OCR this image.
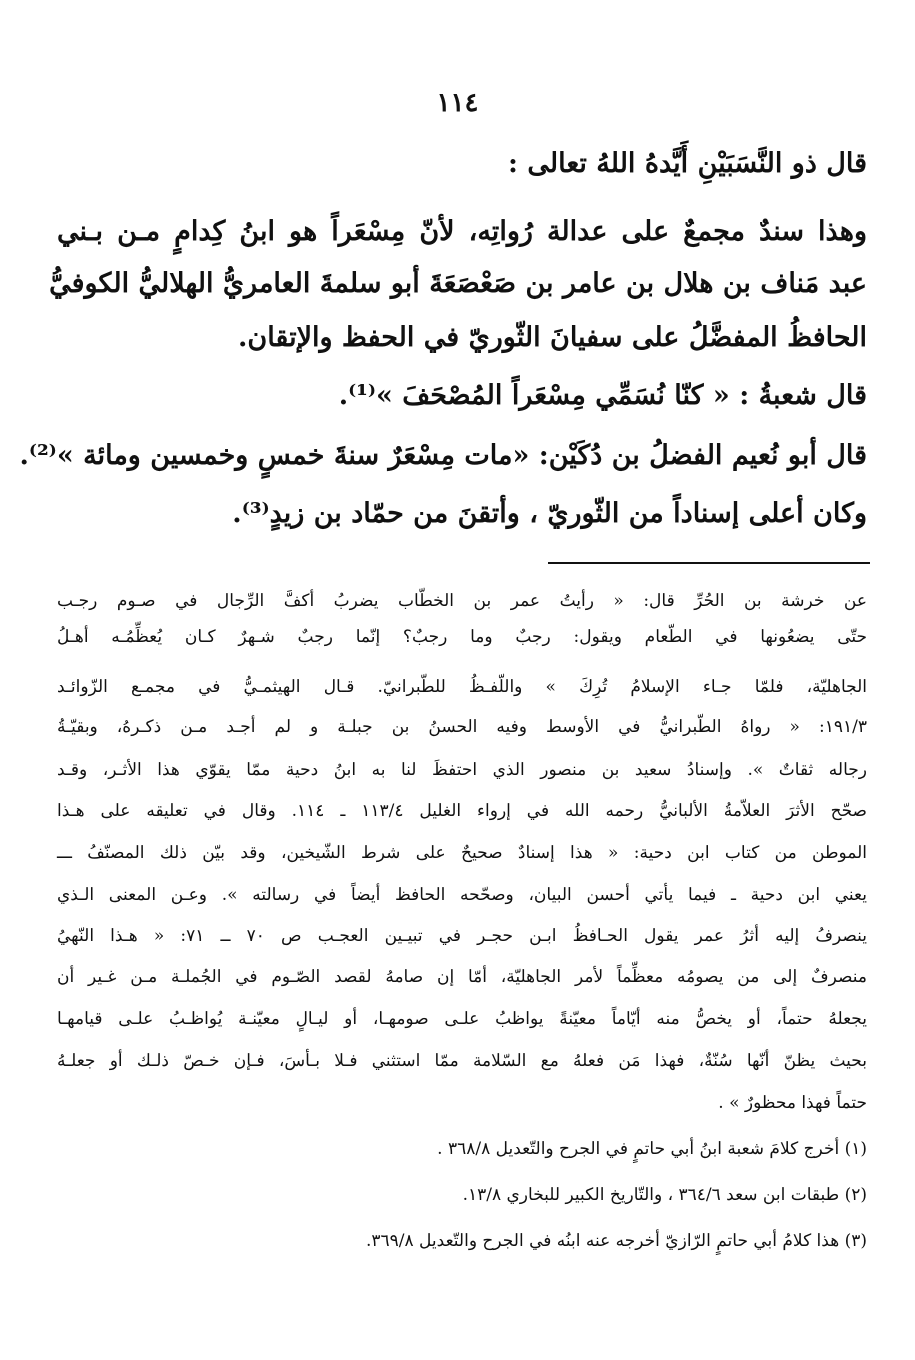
١١٤
قال ذو النَّسَبَيْنِ أَيَّدهُ اللهُ تعالى :
وهذا سندٌ مجمعٌ على عدالة رُواتِه، لأنّ مِسْعَراً هو ابنُ كِدامٍ مـن بـني
عبد مَناف بن هلال بن عامر بن صَعْصَعَةَ أبو سلمةَ العامريُّ الهلاليُّ الكوفيُّ
الحافظُ المفضَّلُ على سفيانَ الثّوريّ في الحفظ والإتقان.
قال شعبةُ : « كنّا نُسَمِّي مِسْعَراً المُصْحَفَ »⁽¹⁾.
قال أبو نُعيم الفضلُ بن دُكَيْن: «مات مِسْعَرٌ سنةَ خمسٍ وخمسين ومائة »⁽²⁾.
وكان أعلى إسناداً من الثّوريّ ، وأتقنَ من حمّاد بن زيدٍ⁽³⁾.
عن خرشة بن الحُرِّ قال: « رأيتُ عمر بن الخطّاب يضربُ أكفَّ الرِّجال في صـوم رجـب
حتّى يضعُونها في الطّعام ويقول: رجبٌ وما رجبٌ؟ إنّما رجبٌ شـهرٌ كـان يُعظِّمُـه أهـلُ
الجاهليّة، فلمّا جـاء الإسلامُ تُرِكَ » واللّفـظُ للطّبرانيّ. قـال الهيثمـيُّ في مجمـع الزّوائـد
١٩١/٣: « رواهُ الطّبرانيُّ في الأوسط وفيه الحسنُ بن جبلـة و لم أجـد مـن ذكـرهُ، وبقيّـةُ
رجاله ثقاتٌ ». وإسنادُ سعيد بن منصور الذي احتفظَ لنا به ابنُ دحية ممّا يقوّي هذا الأثـر، وقـد
صحّح الأثرَ العلاّمةُ الألبانيُّ رحمه الله في إرواء الغليل ١١٣/٤ ـ ١١٤. وقال في تعليقه على هـذا
الموطن من كتاب ابن دحية: « هذا إسنادٌ صحيحٌ على شرط الشّيخين، وقد بيّن ذلك المصنّفُ ـــ
يعني ابن دحية ـ فيما يأتي أحسن البيان، وصحّحه الحافظ أيضاً في رسالته ». وعـن المعنى الـذي
ينصرفُ إليه أثرُ عمر يقول الحـافظُ ابـن حجـر في تبيـين العجـب ص ٧٠ ــ ٧١: « هـذا النّهيُ
منصرفٌ إلى من يصومُه معظِّماً لأمر الجاهليّة، أمّا إن صامهُ لقصد الصّـوم في الجُملـة مـن غـير أن
يجعلهُ حتماً، أو يخصُّ منه أيّاماً معيّنةً يواظبُ علـى صومهـا، أو ليـالٍ معيّنـة يُواظـبُ علـى قيامهـا
بحيث يظنّ أنّها سُنّةٌ، فهذا مَن فعلهُ مع السّلامة ممّا استثني فـلا بـأسَ، فـإن خـصّ ذلـك أو جعلـهُ
حتماً فهذا محظورٌ » .
(١) أخرج كلامَ شعبة ابنُ أبي حاتمٍ في الجرح والتّعديل ٣٦٨/٨ .
(٢) طبقات ابن سعد ٣٦٤/٦ ، والتّاريخ الكبير للبخاري ١٣/٨.
(٣) هذا كلامُ أبي حاتمٍ الرّازيّ أخرجه عنه ابنُه في الجرح والتّعديل ٣٦٩/٨.
